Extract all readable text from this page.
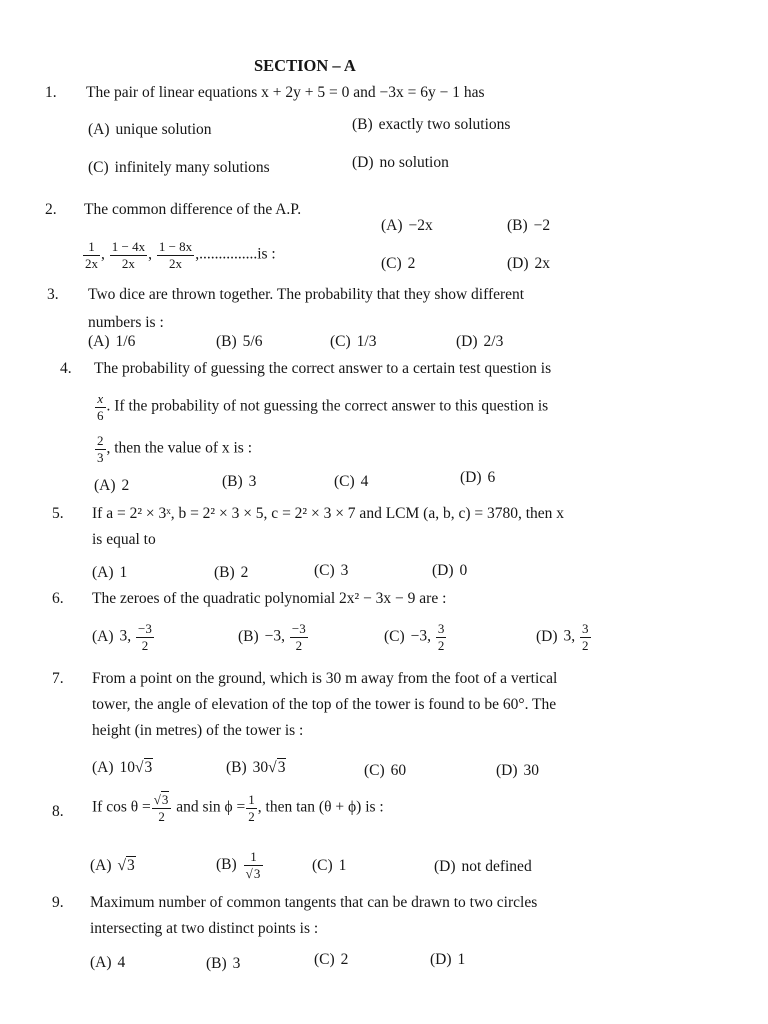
SECTION – A
1. The pair of linear equations x + 2y + 5 = 0 and −3x = 6y − 1 has
(A) unique solution	(B) exactly two solutions
(C) infinitely many solutions	(D) no solution
2. The common difference of the A.P.
$\frac{1}{2x}$ , $\frac{1 - 4x}{2x}$ , $\frac{1 - 8x}{2x} ,...............is$ :
(A) −2x	(B) −2
(C) 2	(D) 2x
3. Two dice are thrown together. The probability that they show different
numbers is :
(A) 1/6	(B) 5/6	(C) 1/3	(D) 2/3
4. The probability of guessing the correct answer to a certain test question is
$\frac{x}{6}$ . If the probability of not guessing the correct answer to this question is
$\frac{2}{3}$ , then the value of x is :
(A) 2	(B) 3	(C) 4	(D) 6
5. If a = 2² × 3ˣ, b = 2² × 3 × 5, c = 2² × 3 × 7 and LCM (a, b, c) = 3780, then x
is equal to
(A) 1	(B) 2	(C) 3	(D) 0
6. The zeroes of the quadratic polynomial 2x² − 3x − 9 are :
(A) 3, $\frac{-3}{2}$	(B) −3, $\frac{-3}{2}$	(C) −3, $\frac{3}{2}$	(D) 3, $\frac{3}{2}$
7. From a point on the ground, which is 30 m away from the foot of a vertical
tower, the angle of elevation of the top of the tower is found to be 60°. The
height (in metres) of the tower is :
(A) 10√3	(B) 30√3	(C) 60	(D) 30
8. If $\cos \theta = \frac{√3}{2}$ and $\sin \phi = \frac{1}{2}$ , then tan (θ + ϕ) is :
(A) √3	$(B) \frac{1}{√3}$	(C) 1	(D) not defined
9. Maximum number of common tangents that can be drawn to two circles
intersecting at two distinct points is :
(A) 4	(B) 3	(C) 2	(D) 1
